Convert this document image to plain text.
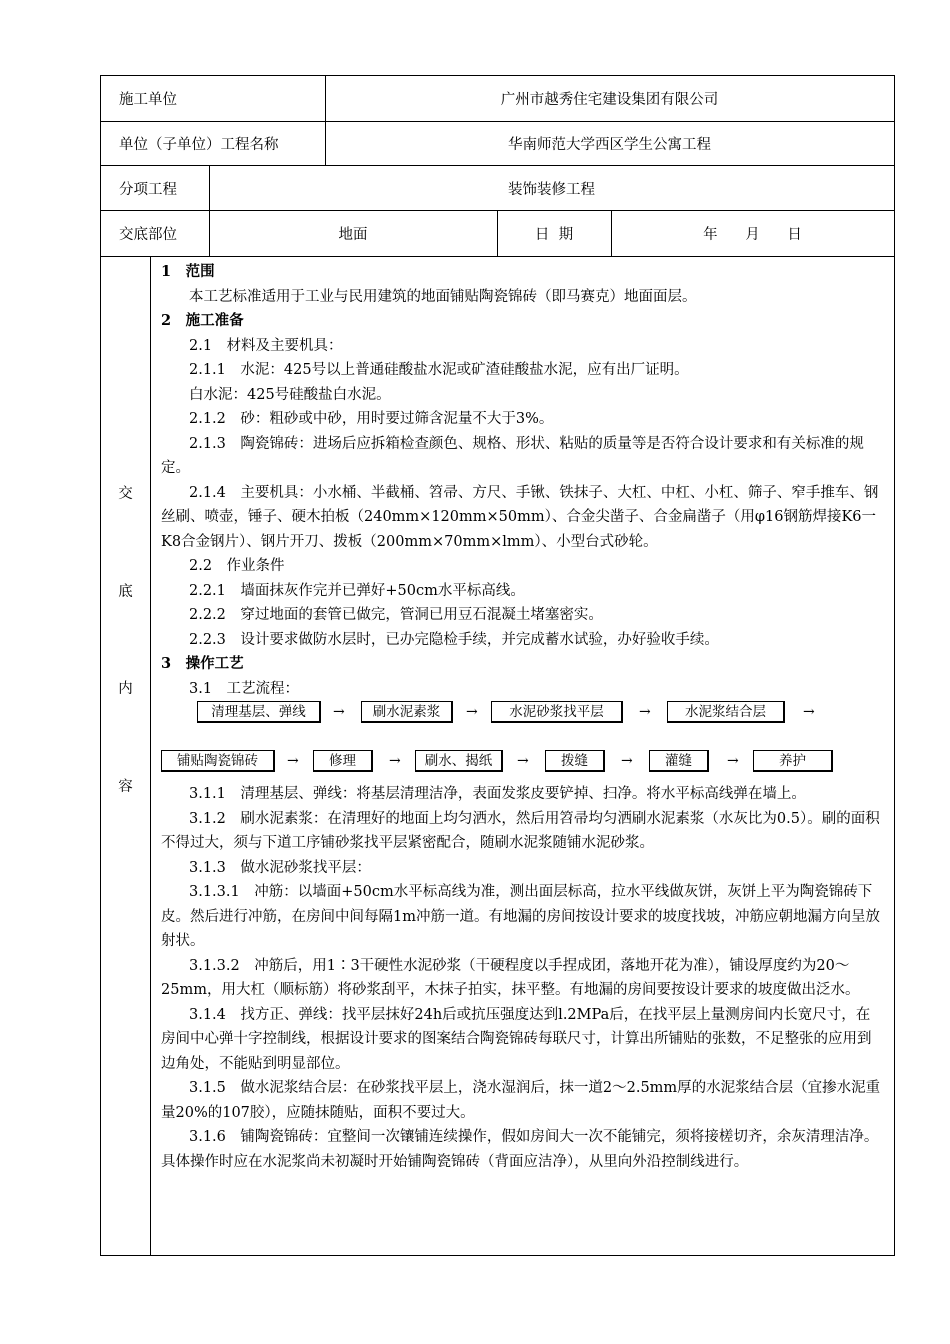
施工单位	广州市越秀住宅建设集团有限公司
单位（子单位）工程名称	华南师范大学西区学生公寓工程
分项工程	装饰装修工程
交底部位	地面	日  期	年      月      日
交
底
内
容

1　范围

本工艺标准适用于工业与民用建筑的地面铺贴陶瓷锦砖（即马赛克）地面面层。

2　施工准备

2.1　材料及主要机具：

2.1.1　水泥：425号以上普通硅酸盐水泥或矿渣硅酸盐水泥，应有出厂证明。

白水泥：425号硅酸盐白水泥。

2.1.2　砂：粗砂或中砂，用时要过筛含泥量不大于3%。

2.1.3　陶瓷锦砖：进场后应拆箱检查颜色、规格、形状、粘贴的质量等是否符合设计要求和有关标准的规定。

2.1.4　主要机具：小水桶、半截桶、笤帚、方尺、手锹、铁抹子、大杠、中杠、小杠、筛子、窄手推车、钢丝刷、喷壶，锤子、硬木拍板（240mm×120mm×50mm）、合金尖凿子、合金扁凿子（用φ16钢筋焊接K6一K8合金钢片）、钢片开刀、拨板（200mm×70mm×lmm）、小型台式砂轮。

2.2　作业条件

2.2.1　墙面抹灰作完并已弹好+50cm水平标高线。

2.2.2　穿过地面的套管已做完，管洞已用豆石混凝土堵塞密实。

2.2.3　设计要求做防水层时，已办完隐检手续，并完成蓄水试验，办好验收手续。

3　操作工艺

3.1　工艺流程：

清理基层、弹线	→	刷水泥素浆	→	水泥砂浆找平层	→	水泥浆结合层	→
铺贴陶瓷锦砖	→	修理	→	刷水、揭纸	→	拨缝	→	灌缝	→	养护

3.1.1　清理基层、弹线：将基层清理洁净，表面发浆皮要铲掉、扫净。将水平标高线弹在墙上。

3.1.2　刷水泥素浆：在清理好的地面上均匀洒水，然后用笤帚均匀洒刷水泥素浆（水灰比为0.5）。刷的面积不得过大，须与下道工序铺砂浆找平层紧密配合，随刷水泥浆随铺水泥砂浆。

3.1.3　做水泥砂浆找平层：

3.1.3.1　冲筋：以墙面+50cm水平标高线为准，测出面层标高，拉水平线做灰饼，灰饼上平为陶瓷锦砖下皮。然后进行冲筋，在房间中间每隔1m冲筋一道。有地漏的房间按设计要求的坡度找坡，冲筋应朝地漏方向呈放射状。

3.1.3.2　冲筋后，用1∶3干硬性水泥砂浆（干硬程度以手捏成团，落地开花为准），铺设厚度约为20～25mm，用大杠（顺标筋）将砂浆刮平，木抹子拍实，抹平整。有地漏的房间要按设计要求的坡度做出泛水。

3.1.4　找方正、弹线：找平层抹好24h后或抗压强度达到l.2MPa后，在找平层上量测房间内长宽尺寸，在房间中心弹十字控制线，根据设计要求的图案结合陶瓷锦砖每联尺寸，计算出所铺贴的张数，不足整张的应用到边角处，不能贴到明显部位。

3.1.5　做水泥浆结合层：在砂浆找平层上，浇水湿润后，抹一道2～2.5mm厚的水泥浆结合层（宜掺水泥重量20%的107胶），应随抹随贴，面积不要过大。

3.1.6　铺陶瓷锦砖：宜整间一次镶铺连续操作，假如房间大一次不能铺完，须将接槎切齐，余灰清理洁净。具体操作时应在水泥浆尚未初凝时开始铺陶瓷锦砖（背面应洁净），从里向外沿控制线进行。
